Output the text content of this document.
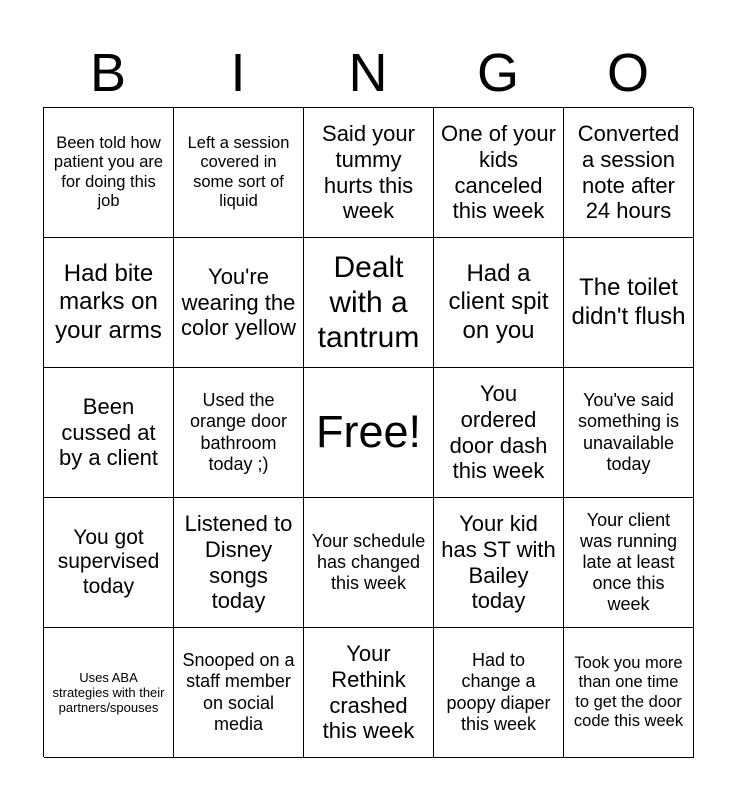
B	I	N	G	O
Been told how patient you are for doing this job
Left a session covered in some sort of liquid
Said your tummy hurts this week
One of your kids canceled this week
Converted a session note after 24 hours
Had bite marks on your arms
You're wearing the color yellow
Dealt with a tantrum
Had a client spit on you
The toilet didn't flush
Been cussed at by a client
Used the orange door bathroom today ;)
Free!
You ordered door dash this week
You've said something is unavailable today
You got supervised today
Listened to Disney songs today
Your schedule has changed this week
Your kid has ST with Bailey today
Your client was running late at least once this week
Uses ABA strategies with their partners/spouses
Snooped on a staff member on social media
Your Rethink crashed this week
Had to change a poopy diaper this week
Took you more than one time to get the door code this week
